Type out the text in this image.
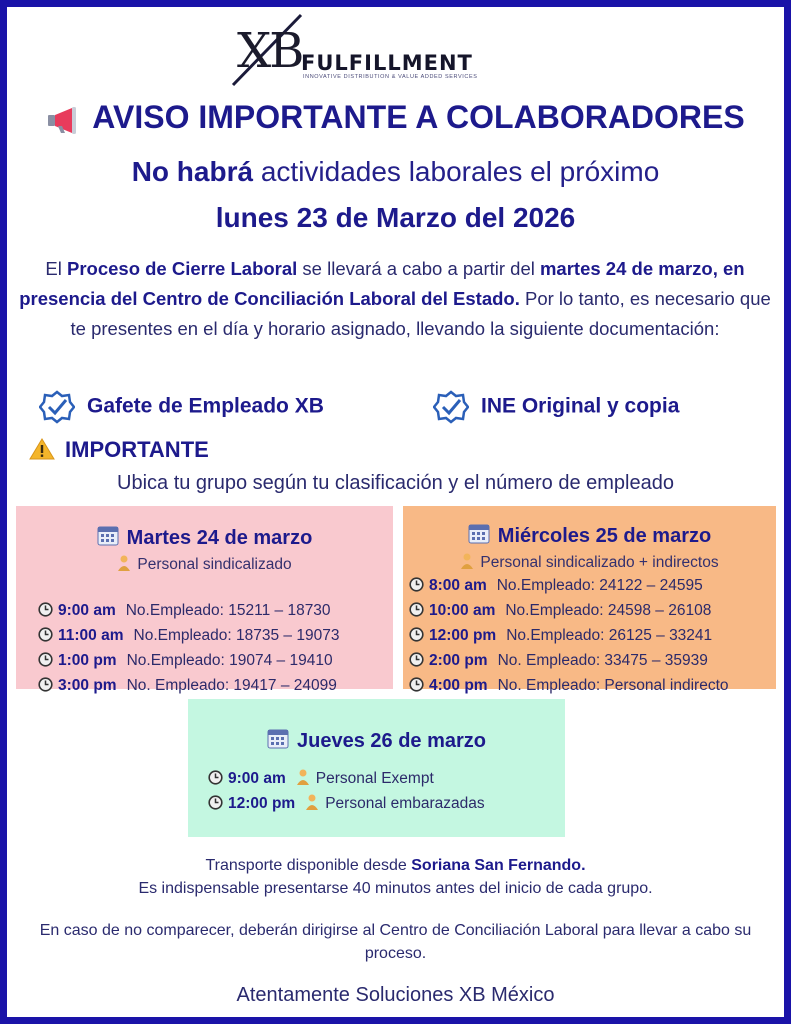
XB
FULFILLMENT
INNOVATIVE DISTRIBUTION & VALUE ADDED SERVICES
AVISO IMPORTANTE A COLABORADORES
No habrá actividades laborales el próximo
lunes 23 de Marzo del 2026
El Proceso de Cierre Laboral se llevará a cabo a partir del martes 24 de marzo, en presencia del Centro de Conciliación Laboral del Estado. Por lo tanto, es necesario que te presentes en el día y horario asignado, llevando la siguiente documentación:
Gafete de Empleado XB	INE Original y copia
IMPORTANTE
Ubica tu grupo según tu clasificación y el número de empleado
Martes 24 de marzo
Personal sindicalizado
9:00 am No.Empleado: 15211 – 18730
11:00 am No.Empleado: 18735 – 19073
1:00 pm No.Empleado: 19074 – 19410
3:00 pm No. Empleado: 19417 – 24099
Miércoles 25 de marzo
Personal sindicalizado + indirectos
8:00 am No.Empleado: 24122 – 24595
10:00 am No.Empleado: 24598 – 26108
12:00 pm No.Empleado: 26125 – 33241
2:00 pm No. Empleado: 33475 – 35939
4:00 pm No. Empleado: Personal indirecto
Jueves 26 de marzo
9:00 am Personal Exempt
12:00 pm Personal embarazadas
Transporte disponible desde Soriana San Fernando.
Es indispensable presentarse 40 minutos antes del inicio de cada grupo.
En caso de no comparecer, deberán dirigirse al Centro de Conciliación Laboral para llevar a cabo su proceso.
Atentamente Soluciones XB México
